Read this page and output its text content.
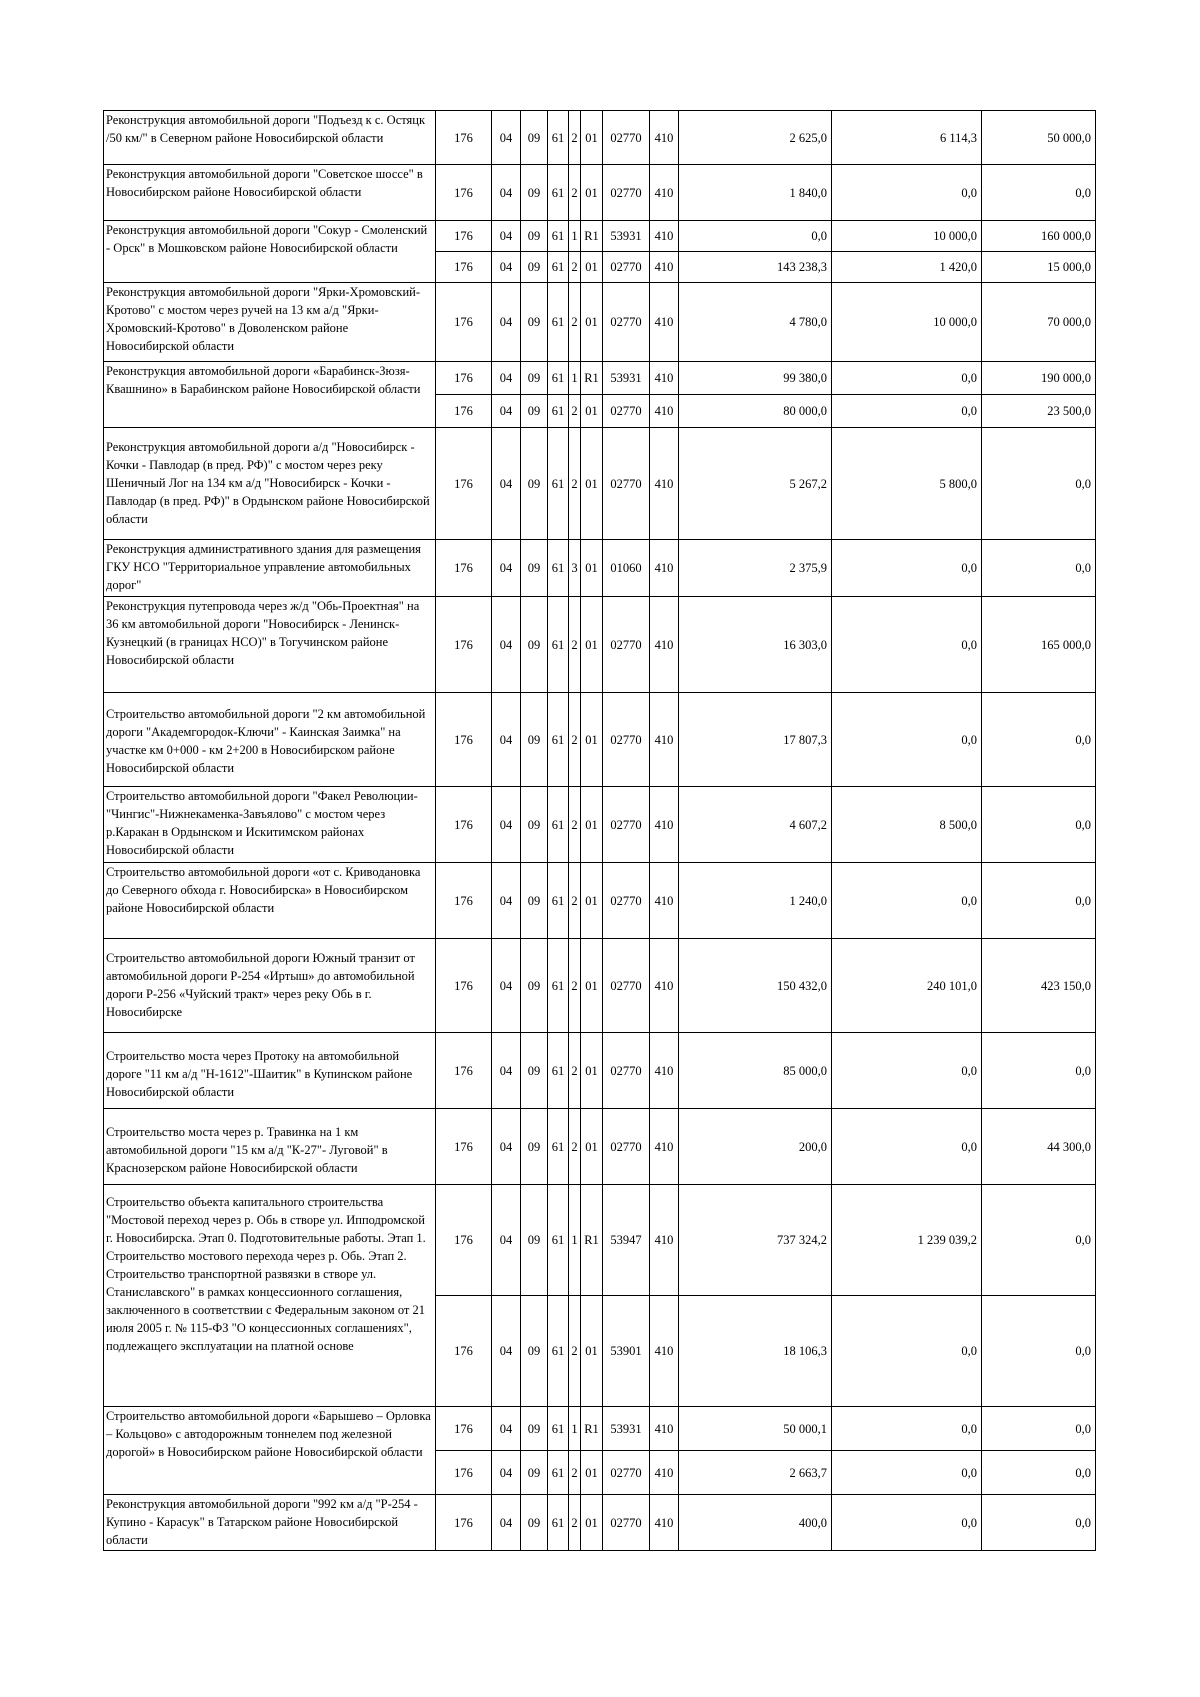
Реконструкция автомобильной дороги "Подъезд к с. Остяцк /50 км/" в Северном районе Новосибирской области	176	04	09	61	2	01	02770	410	2 625,0	6 114,3	50 000,0
Реконструкция автомобильной дороги "Советское шоссе" в Новосибирском районе Новосибирской области	176	04	09	61	2	01	02770	410	1 840,0	0,0	0,0
Реконструкция автомобильной дороги "Сокур - Смоленский - Орск" в Мошковском районе Новосибирской области	176	04	09	61	1	R1	53931	410	0,0	10 000,0	160 000,0
	176	04	09	61	2	01	02770	410	143 238,3	1 420,0	15 000,0
Реконструкция автомобильной дороги "Ярки-Хромовский-Кротово" с мостом через ручей на 13 км а/д "Ярки-Хромовский-Кротово" в Доволенском районе Новосибирской области	176	04	09	61	2	01	02770	410	4 780,0	10 000,0	70 000,0
Реконструкция автомобильной дороги «Барабинск-Зюзя-Квашнино» в Барабинском районе Новосибирской области	176	04	09	61	1	R1	53931	410	99 380,0	0,0	190 000,0
	176	04	09	61	2	01	02770	410	80 000,0	0,0	23 500,0
Реконструкция автомобильной дороги а/д "Новосибирск - Кочки - Павлодар (в пред. РФ)" с мостом через реку Шеничный Лог на 134 км а/д "Новосибирск - Кочки - Павлодар (в пред. РФ)" в Ордынском районе Новосибирской области	176	04	09	61	2	01	02770	410	5 267,2	5 800,0	0,0
Реконструкция административного здания для размещения ГКУ НСО "Территориальное управление автомобильных дорог"	176	04	09	61	3	01	01060	410	2 375,9	0,0	0,0
Реконструкция путепровода через ж/д "Обь-Проектная" на 36 км автомобильной дороги "Новосибирск - Ленинск-Кузнецкий (в границах НСО)" в Тогучинском районе Новосибирской области	176	04	09	61	2	01	02770	410	16 303,0	0,0	165 000,0
Строительство автомобильной дороги "2 км автомобильной дороги "Академгородок-Ключи" - Каинская Заимка" на участке км 0+000 - км 2+200 в Новосибирском районе Новосибирской области	176	04	09	61	2	01	02770	410	17 807,3	0,0	0,0
Строительство автомобильной дороги "Факел Революции-"Чингис"-Нижнекаменка-Завъялово" с мостом через р.Каракан в Ордынском и Искитимском районах Новосибирской области	176	04	09	61	2	01	02770	410	4 607,2	8 500,0	0,0
Строительство автомобильной дороги «от с. Криводановка до Северного обхода г. Новосибирска» в Новосибирском районе Новосибирской области	176	04	09	61	2	01	02770	410	1 240,0	0,0	0,0
Строительство автомобильной дороги Южный транзит от автомобильной дороги Р-254 «Иртыш» до автомобильной дороги Р-256 «Чуйский тракт» через реку Обь в г. Новосибирске	176	04	09	61	2	01	02770	410	150 432,0	240 101,0	423 150,0
Строительство моста через Протоку на автомобильной дороге "11 км а/д "Н-1612"-Шаитик" в Купинском районе Новосибирской области	176	04	09	61	2	01	02770	410	85 000,0	0,0	0,0
Строительство моста через р. Травинка на 1 км автомобильной дороги "15 км а/д "К-27"- Луговой" в Краснозерском районе Новосибирской области	176	04	09	61	2	01	02770	410	200,0	0,0	44 300,0
Строительство объекта капитального строительства "Мостовой переход через р. Обь в створе ул. Ипподромской г. Новосибирска. Этап 0. Подготовительные работы. Этап 1. Строительство мостового перехода через р. Обь. Этап 2. Строительство транспортной развязки в створе ул. Станиславского" в рамках концессионного соглашения, заключенного в соответствии с Федеральным законом от 21 июля 2005 г. № 115-ФЗ "О концессионных соглашениях", подлежащего эксплуатации на платной основе	176	04	09	61	1	R1	53947	410	737 324,2	1 239 039,2	0,0
	176	04	09	61	2	01	53901	410	18 106,3	0,0	0,0
Строительство автомобильной дороги «Барышево – Орловка – Кольцово» с автодорожным тоннелем под железной дорогой» в Новосибирском районе Новосибирской области	176	04	09	61	1	R1	53931	410	50 000,1	0,0	0,0
	176	04	09	61	2	01	02770	410	2 663,7	0,0	0,0
Реконструкция автомобильной дороги "992 км а/д "Р-254 - Купино - Карасук" в Татарском районе Новосибирской области	176	04	09	61	2	01	02770	410	400,0	0,0	0,0
